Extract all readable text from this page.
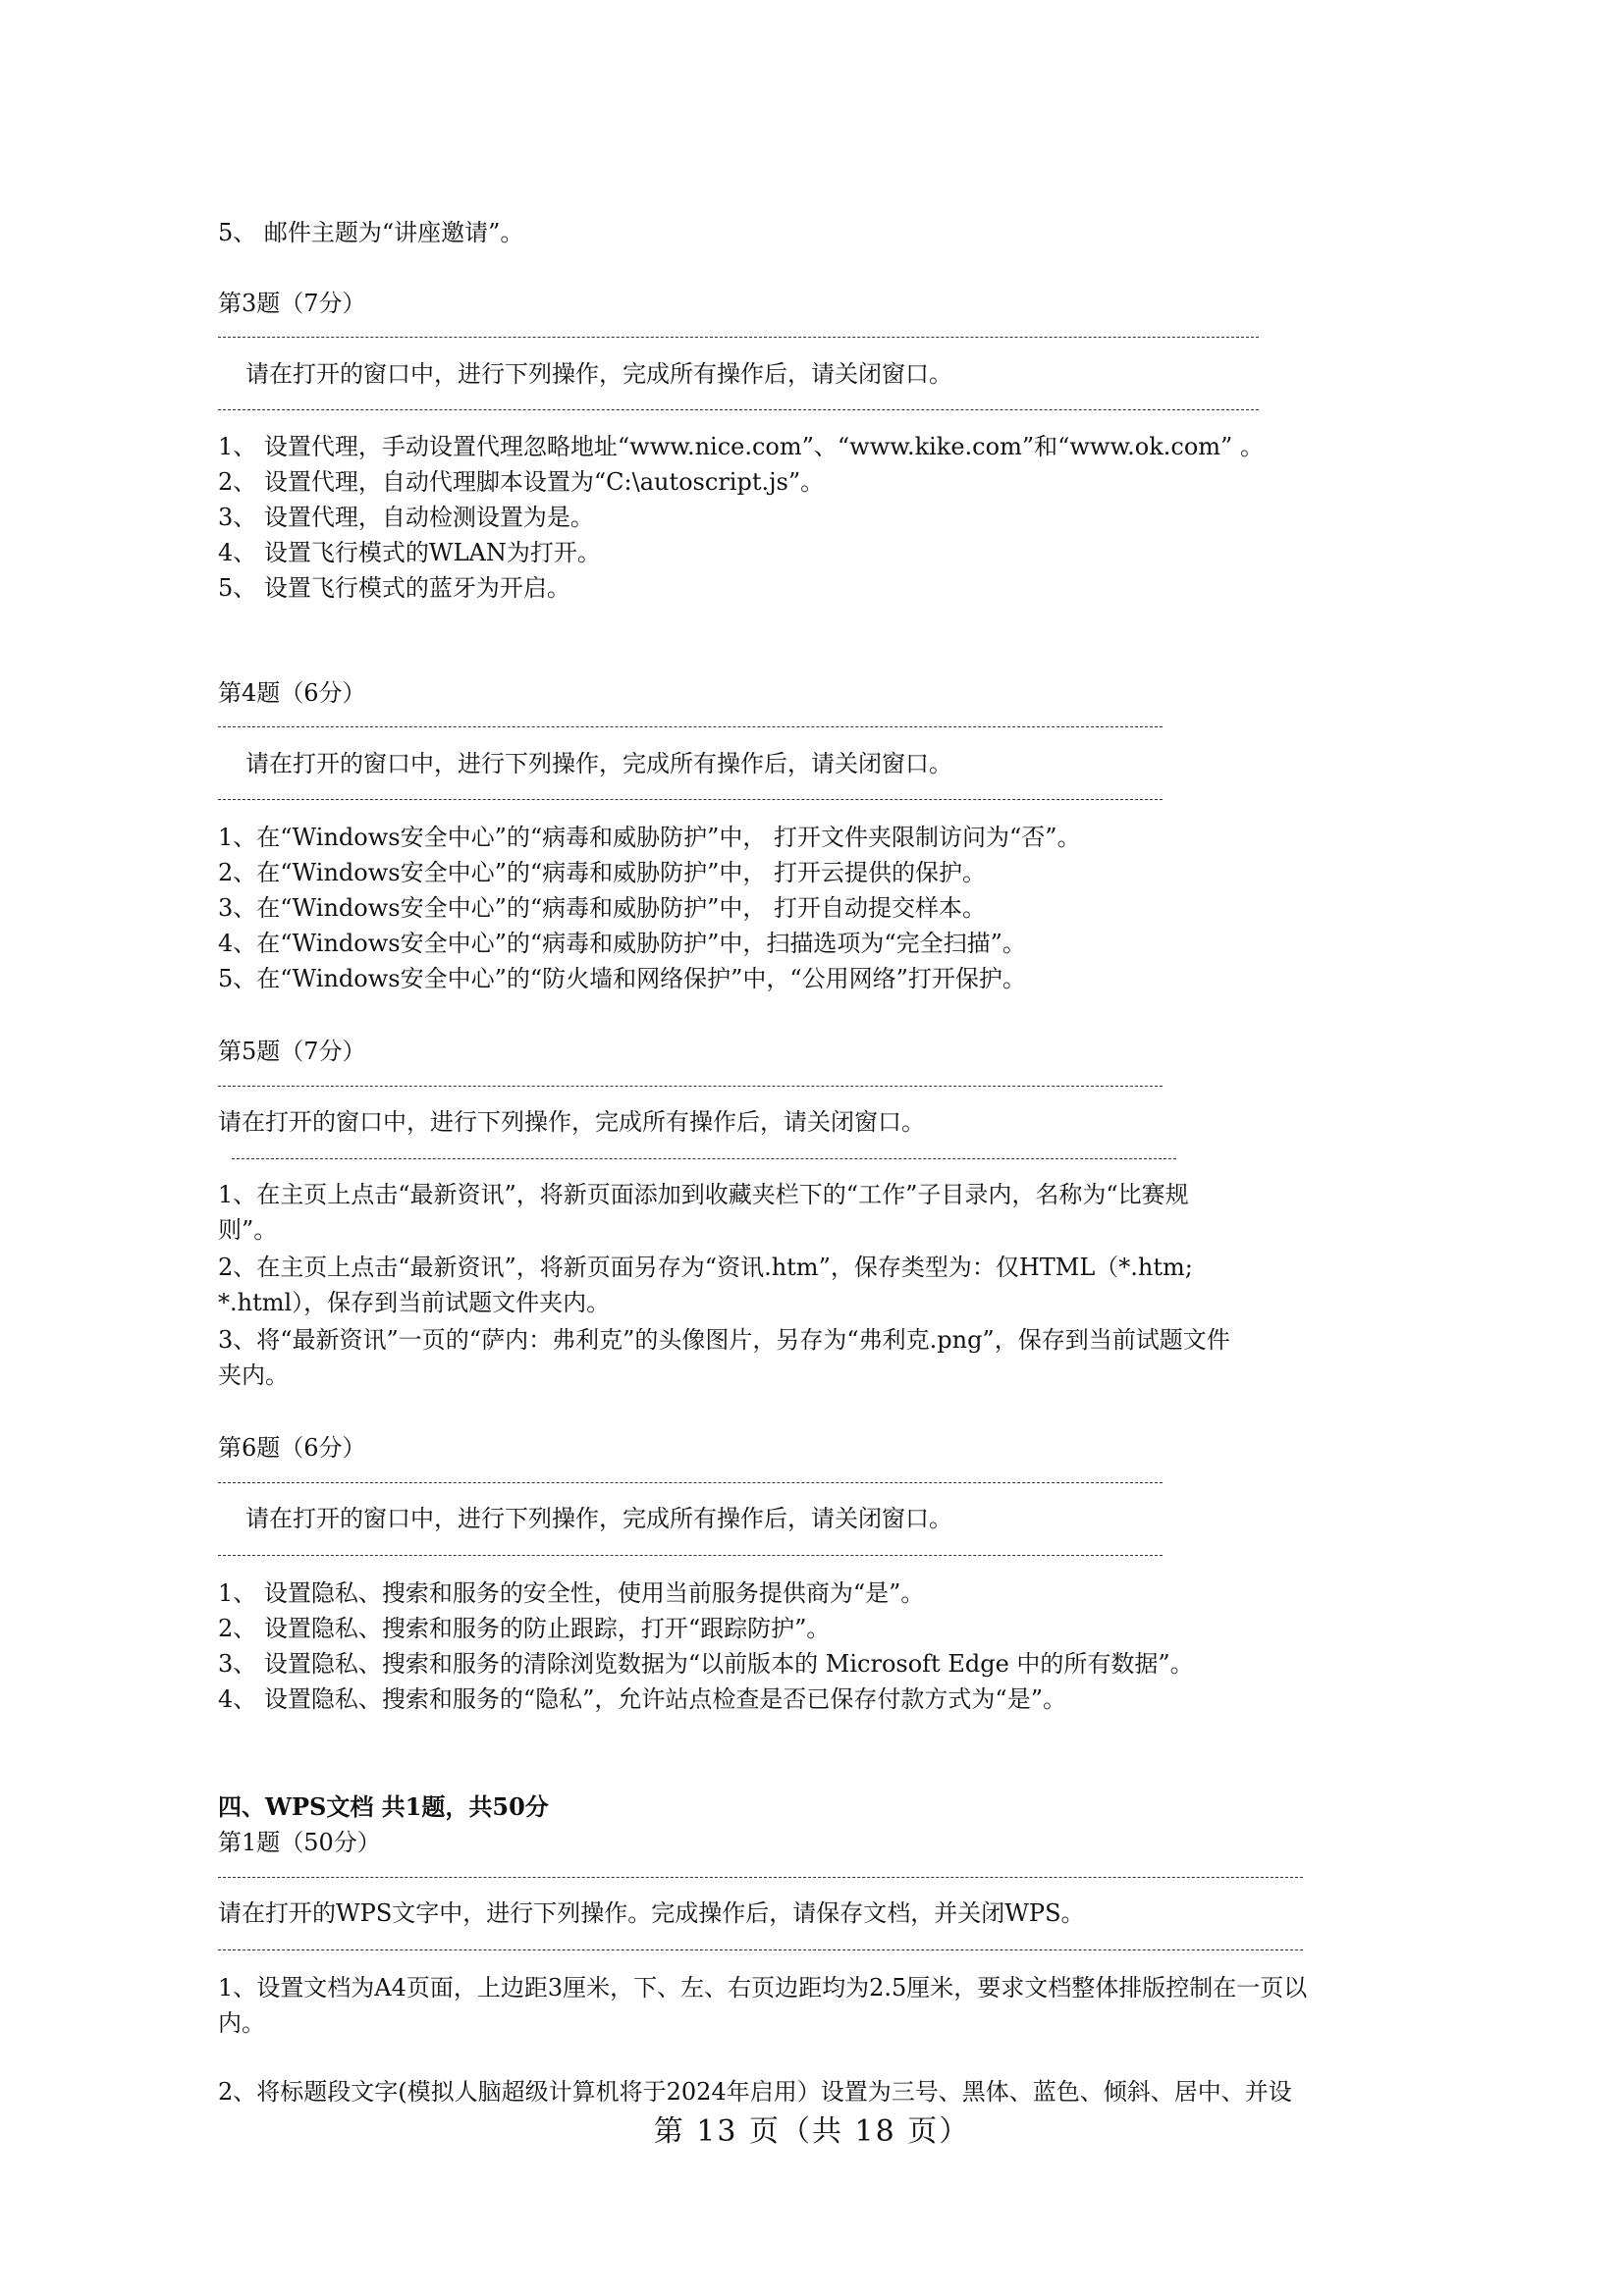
5、 邮件主题为“讲座邀请”。
第3题（7分）
请在打开的窗口中，进行下列操作，完成所有操作后，请关闭窗口。
1、 设置代理，手动设置代理忽略地址“www.nice.com”、“www.kike.com”和“www.ok.com” 。
2、 设置代理，自动代理脚本设置为“C:\autoscript.js”。
3、 设置代理，自动检测设置为是。
4、 设置飞行模式的WLAN为打开。
5、 设置飞行模式的蓝牙为开启。
第4题（6分）
请在打开的窗口中，进行下列操作，完成所有操作后，请关闭窗口。
1、在“Windows安全中心”的“病毒和威胁防护”中， 打开文件夹限制访问为“否”。
2、在“Windows安全中心”的“病毒和威胁防护”中， 打开云提供的保护。
3、在“Windows安全中心”的“病毒和威胁防护”中， 打开自动提交样本。
4、在“Windows安全中心”的“病毒和威胁防护”中，扫描选项为“完全扫描”。
5、在“Windows安全中心”的“防火墙和网络保护”中，“公用网络”打开保护。
第5题（7分）
请在打开的窗口中，进行下列操作，完成所有操作后，请关闭窗口。
1、在主页上点击“最新资讯”，将新页面添加到收藏夹栏下的“工作”子目录内，名称为“比赛规
则”。
2、在主页上点击“最新资讯”，将新页面另存为“资讯.htm”，保存类型为：仅HTML（*.htm;
*.html），保存到当前试题文件夹内。
3、将“最新资讯”一页的“萨内：弗利克”的头像图片，另存为“弗利克.png”，保存到当前试题文件
夹内。
第6题（6分）
请在打开的窗口中，进行下列操作，完成所有操作后，请关闭窗口。
1、 设置隐私、搜索和服务的安全性，使用当前服务提供商为“是”。
2、 设置隐私、搜索和服务的防止跟踪，打开“跟踪防护”。
3、 设置隐私、搜索和服务的清除浏览数据为“以前版本的 Microsoft Edge 中的所有数据”。
4、 设置隐私、搜索和服务的“隐私”，允许站点检查是否已保存付款方式为“是”。
四、WPS文档 共1题，共50分
第1题（50分）
请在打开的WPS文字中，进行下列操作。完成操作后，请保存文档，并关闭WPS。
1、设置文档为A4页面，上边距3厘米，下、左、右页边距均为2.5厘米，要求文档整体排版控制在一页以
内。
2、将标题段文字(模拟人脑超级计算机将于2024年启用）设置为三号、黑体、蓝色、倾斜、居中、并设
第 13 页（共 18 页）
